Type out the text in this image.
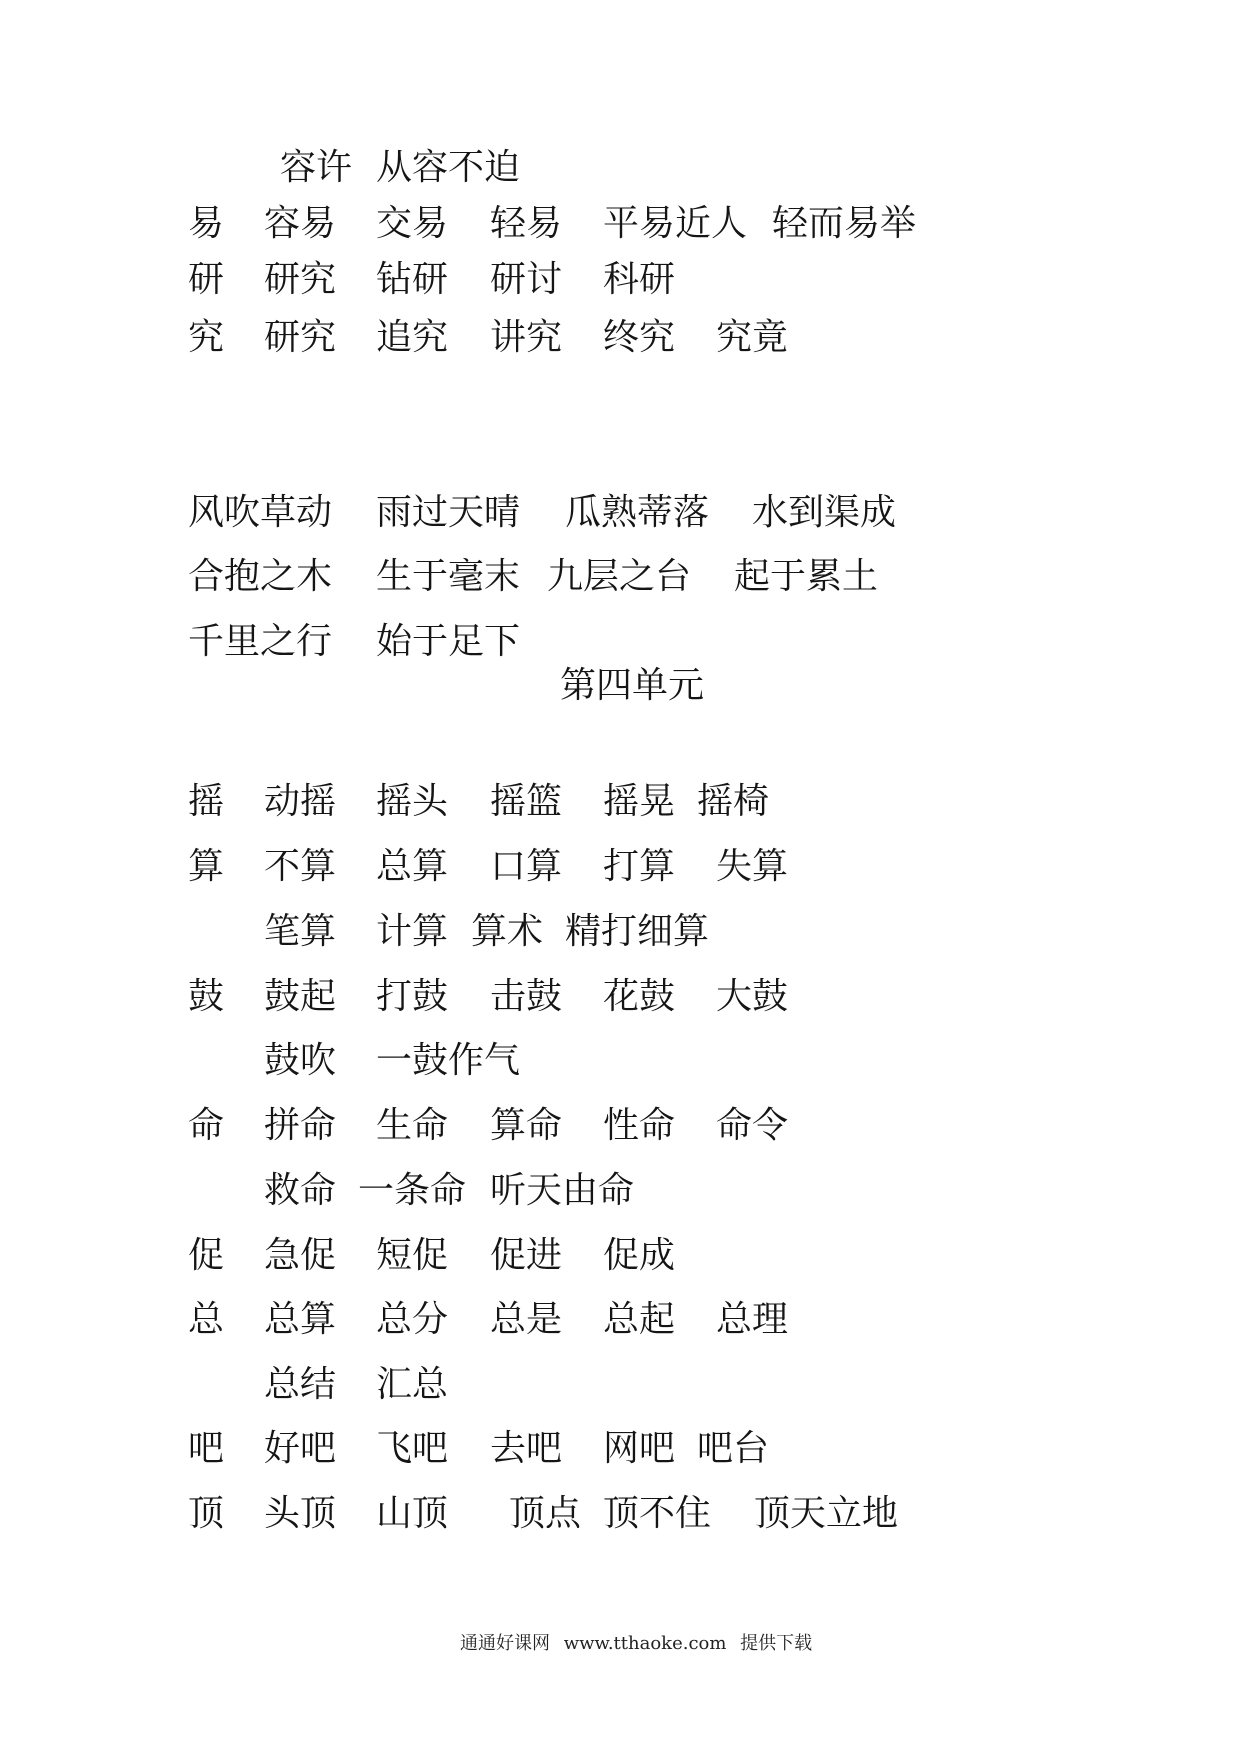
容许 从容不迫
易 容易 交易 轻易 平易近人 轻而易举
研 研究 钻研 研讨 科研
究 研究 追究 讲究 终究 究竟
风吹草动 雨过天晴 瓜熟蒂落 水到渠成
合抱之木 生于毫末 九层之台 起于累土
千里之行 始于足下
第四单元
摇 动摇 摇头 摇篮 摇晃 摇椅
算 不算 总算 口算 打算 失算
笔算 计算 算术 精打细算
鼓 鼓起 打鼓 击鼓 花鼓 大鼓
鼓吹 一鼓作气
命 拼命 生命 算命 性命 命令
救命 一条命 听天由命
促 急促 短促 促进 促成
总 总算 总分 总是 总起 总理
总结 汇总
吧 好吧 飞吧 去吧 网吧 吧台
顶 头顶 山顶 顶点 顶不住 顶天立地
通通好课网 www.tthaoke.com 提供下载
